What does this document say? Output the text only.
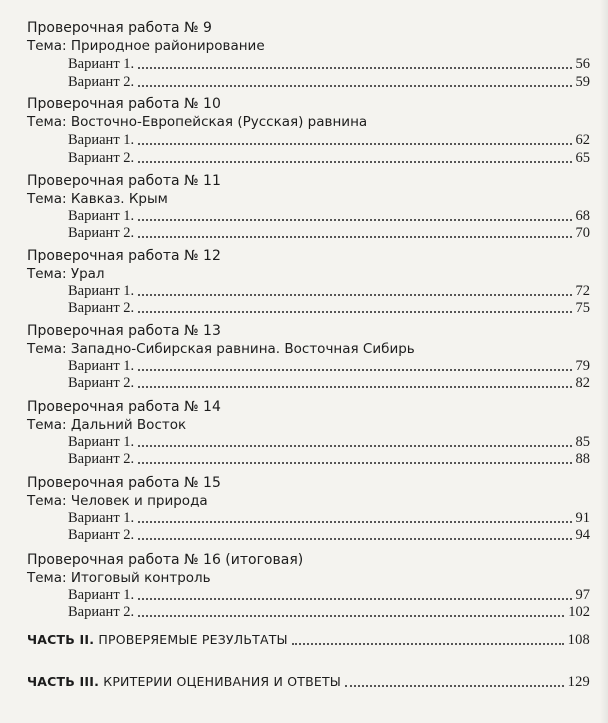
Проверочная работа № 9
Тема: Природное районирование
Вариант 1.	56
Вариант 2.	59
Проверочная работа № 10
Тема: Восточно-Европейская (Русская) равнина
Вариант 1.	62
Вариант 2.	65
Проверочная работа № 11
Тема: Кавказ. Крым
Вариант 1.	68
Вариант 2.	70
Проверочная работа № 12
Тема: Урал
Вариант 1.	72
Вариант 2.	75
Проверочная работа № 13
Тема: Западно-Сибирская равнина. Восточная Сибирь
Вариант 1.	79
Вариант 2.	82
Проверочная работа № 14
Тема: Дальний Восток
Вариант 1.	85
Вариант 2.	88
Проверочная работа № 15
Тема: Человек и природа
Вариант 1.	91
Вариант 2.	94
Проверочная работа № 16 (итоговая)
Тема: Итоговый контроль
Вариант 1.	97
Вариант 2.	102
ЧАСТЬ II. ПРОВЕРЯЕМЫЕ РЕЗУЛЬТАТЫ	108
ЧАСТЬ III. КРИТЕРИИ ОЦЕНИВАНИЯ И ОТВЕТЫ	129
